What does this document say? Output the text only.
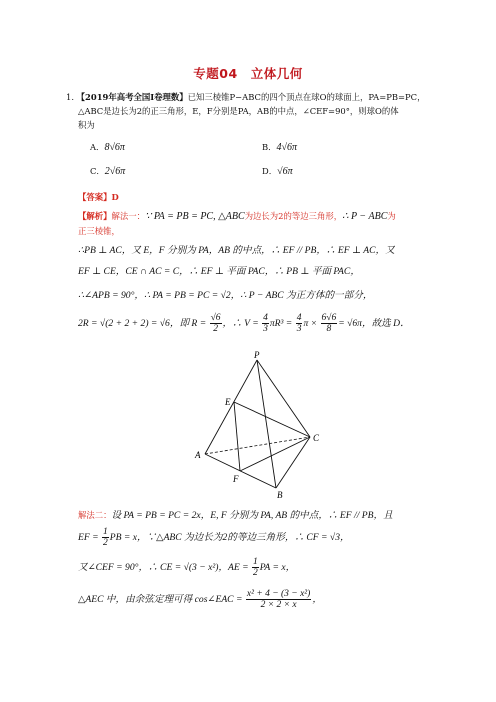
专题04　立体几何
1. 【2019年高考全国Ⅰ卷理数】已知三棱锥P−ABC的四个顶点在球O的球面上，PA=PB=PC，
△ABC是边长为2的正三角形，E，F分别是PA，AB的中点，∠CEF=90°，则球O的体
积为
A．8√6π	B．4√6π
C．2√6π	D．√6π
【答案】D
【解析】解法一：∵ PA = PB = PC, △ABC为边长为2的等边三角形，∴ P − ABC为
正三棱锥，
∴PB ⊥ AC，又 E，F 分别为 PA，AB 的中点，∴ EF // PB，∴ EF ⊥ AC，又
EF ⊥ CE，CE ∩ AC = C，∴ EF ⊥ 平面 PAC，∴ PB ⊥ 平面 PAC，
∴∠APB = 90°，∴ PA = PB = PC = √2，∴ P − ABC 为正方体的一部分，
2R = √(2 + 2 + 2) = √6，即 $R = \frac{√6}{2}$ ，∴ $V = \frac{4}{3} \pi R^3 = \frac{4}{3}$ $\pi \times \frac{6√6}{8} = √6\pi$，故选 D．
P
E
C
A
F
B
解法二：设 PA = PB = PC = 2x，E, F 分别为 PA, AB 的中点，∴ EF // PB，且
EF = $\frac{1}{2}$ PB = x，∵△ABC 为边长为2的等边三角形，∴ CF = √3，
又∠CEF = 90°，∴ CE = √(3 − x²)，AE = $\frac{1}{2}$ PA = x，
△AEC 中，由余弦定理可得 cos∠EAC = $\frac{\text{x² + 4 − (3 − x²)}}{2 \times 2 \times x}$ ，
